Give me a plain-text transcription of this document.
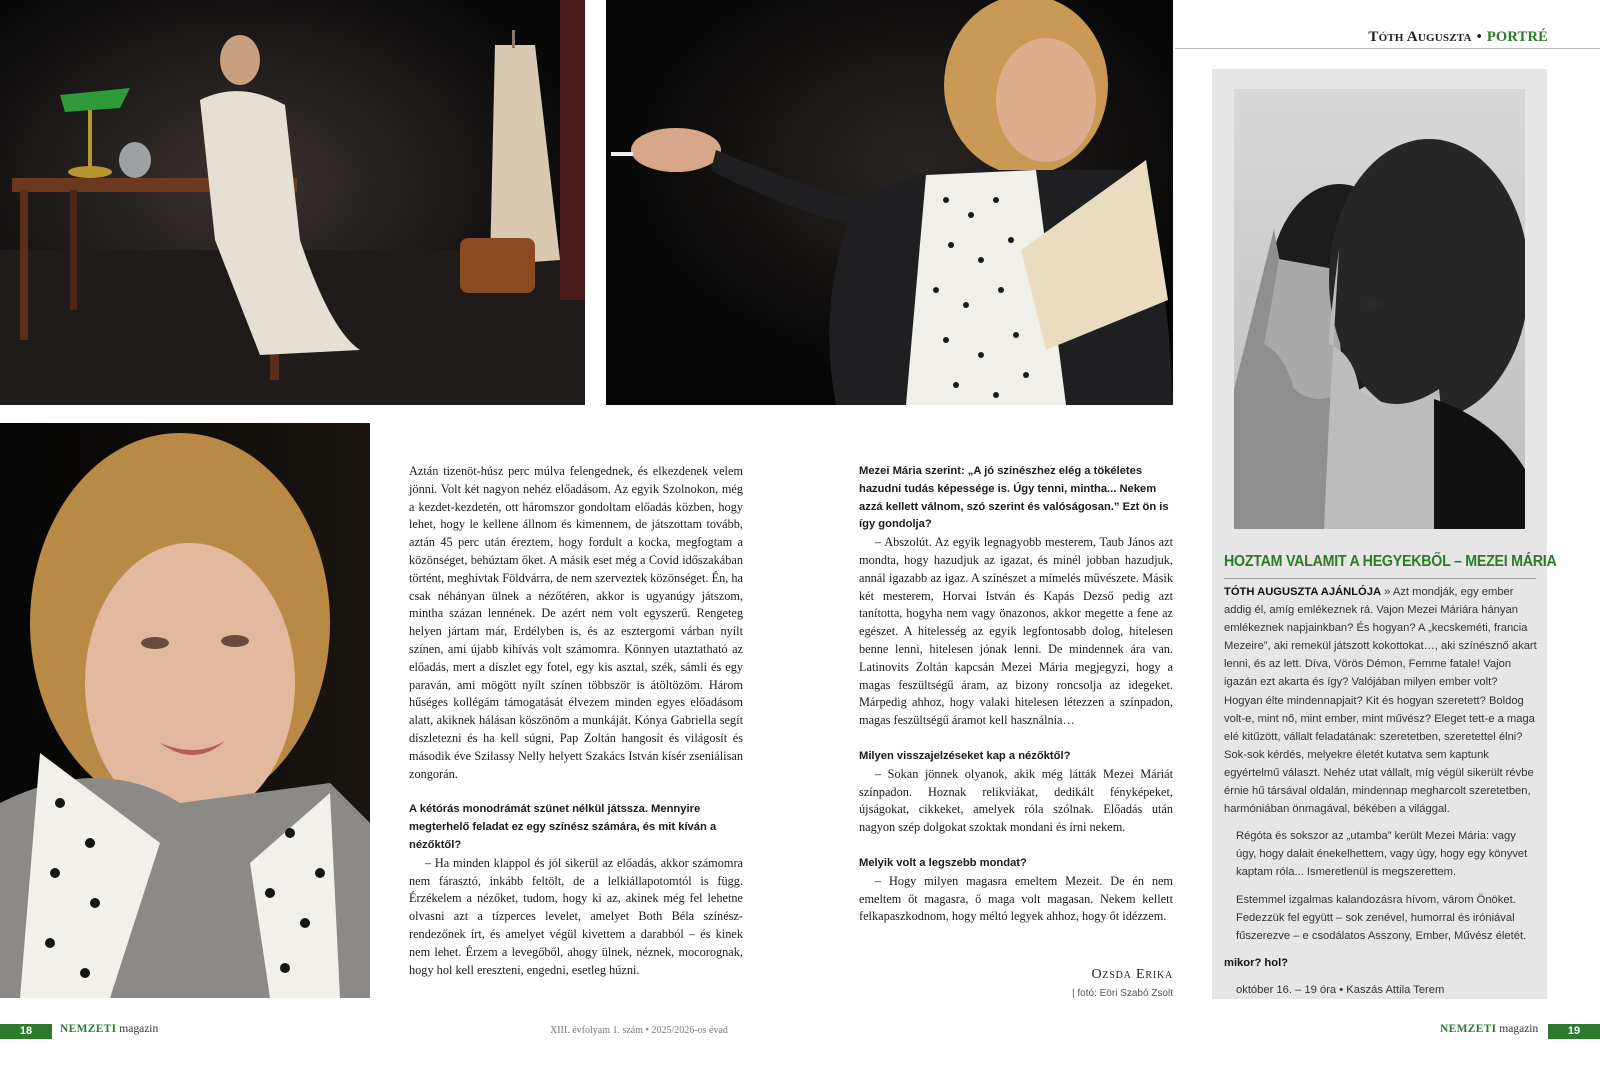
Tóth Auguszta • PORTRÉ

Aztán tizenöt-húsz perc múlva felengednek, és elkezdenek velem jönni. Volt két nagyon nehéz előadásom. Az egyik Szolnokon, még a kezdet-kezdetén, ott háromszor gondoltam előadás közben, hogy lehet, hogy le kellene állnom és kimennem, de játszottam tovább, aztán 45 perc után éreztem, hogy fordult a kocka, megfogtam a közönséget, behúztam őket. A másik eset még a Covid időszakában történt, meghívtak Földvárra, de nem szerveztek közönséget. Én, ha csak néhányan ülnek a nézőtéren, akkor is ugyanúgy játszom, mintha százan lennének. De azért nem volt egyszerű. Rengeteg helyen jártam már, Erdélyben is, és az esztergomi várban nyílt színen, ami újabb kihívás volt számomra. Könnyen utaztatható az előadás, mert a díszlet egy fotel, egy kis asztal, szék, sámli és egy paraván, ami mögött nyílt színen többször is átöltözöm. Három hűséges kollégám támogatását élvezem minden egyes előadásom alatt, akiknek hálásan köszönöm a munkáját. Kónya Gabriella segít díszletezni és ha kell súgni, Pap Zoltán hangosít és világosít és második éve Szilassy Nelly helyett Szakács István kísér zseniálisan zongorán.

A kétórás monodrámát szünet nélkül játssza. Mennyire megterhelő feladat ez egy színész számára, és mit kíván a nézőktől?

– Ha minden klappol és jól sikerül az előadás, akkor számomra nem fárasztó, inkább feltölt, de a lelkiállapotomtól is függ. Érzékelem a nézőket, tudom, hogy ki az, akinek még fel lehetne olvasni azt a tízperces levelet, amelyet Both Béla színész-rendezőnek írt, és amelyet végül kivettem a darabból – és kinek nem lehet. Érzem a levegőből, ahogy ülnek, néznek, mocorognak, hogy hol kell ereszteni, engedni, esetleg húzni.

Mezei Mária szerint: „A jó színészhez elég a tökéletes hazudni tudás képessége is. Úgy tenni, mintha... Nekem azzá kellett válnom, szó szerint és valóságosan.” Ezt ön is így gondolja?

– Abszolút. Az egyik legnagyobb mesterem, Taub János azt mondta, hogy hazudjuk az igazat, és minél jobban hazudjuk, annál igazabb az igaz. A színészet a mímelés művészete. Másik két mesterem, Horvai István és Kapás Dezső pedig azt tanította, hogyha nem vagy önazonos, akkor megette a fene az egészet. A hitelesség az egyik legfontosabb dolog, hitelesen benne lenni, hitelesen jónak lenni. De mindennek ára van. Latinovits Zoltán kapcsán Mezei Mária megjegyzi, hogy a magas feszültségű áram, az bizony roncsolja az idegeket. Márpedig ahhoz, hogy valaki hitelesen létezzen a színpadon, magas feszültségű áramot kell használnia…

Milyen visszajelzéseket kap a nézőktől?

– Sokan jönnek olyanok, akik még látták Mezei Máriát színpadon. Hoznak relikviákat, dedikált fényképeket, újságokat, cikkeket, amelyek róla szólnak. Előadás után nagyon szép dolgokat szoktak mondani és írni nekem.

Melyik volt a legszebb mondat?

– Hogy milyen magasra emeltem Mezeit. De én nem emeltem őt magasra, ő maga volt magasan. Nekem kellett felkapaszkodnom, hogy méltó legyek ahhoz, hogy őt idézzem.

Ozsda Erika
| fotó: Eöri Szabó Zsolt
HOZTAM VALAMIT A HEGYEKBŐL – MEZEI MÁRIA

TÓTH AUGUSZTA AJÁNLÓJA » Azt mondják, egy ember addig él, amíg emlékeznek rá. Vajon Mezei Máriára hányan emlékeznek napjainkban? És hogyan? A „kecskeméti, francia Mezeire”, aki remekül játszott kokottokat…, aki színésznő akart lenni, és az lett. Díva, Vörös Démon, Femme fatale! Vajon igazán ezt akarta és így? Valójában milyen ember volt? Hogyan élte mindennapjait? Kit és hogyan szeretett? Boldog volt-e, mint nő, mint ember, mint művész? Eleget tett-e a maga elé kitűzött, vállalt feladatának: szeretetben, szeretettel élni? Sok-sok kérdés, melyekre életét kutatva sem kaptunk egyértelmű választ. Nehéz utat vállalt, míg végül sikerült révbe érnie hű társával oldalán, mindennap megharcolt szeretetben, harmóniában önmagával, békében a világgal.

Régóta és sokszor az „utamba” került Mezei Mária: vagy úgy, hogy dalait énekelhettem, vagy úgy, hogy egy könyvet kaptam róla... Ismeretlenül is megszerettem.

Estemmel izgalmas kalandozásra hívom, várom Önöket. Fedezzük fel együtt – sok zenével, humorral és iróniával fűszerezve – e csodálatos Asszony, Ember, Művész életét.

mikor? hol?

október 16. – 19 óra • Kaszás Attila Terem

18	NEMZETI magazin	XIII. évfolyam 1. szám • 2025/2026-os évad	NEMZETI magazin	19
